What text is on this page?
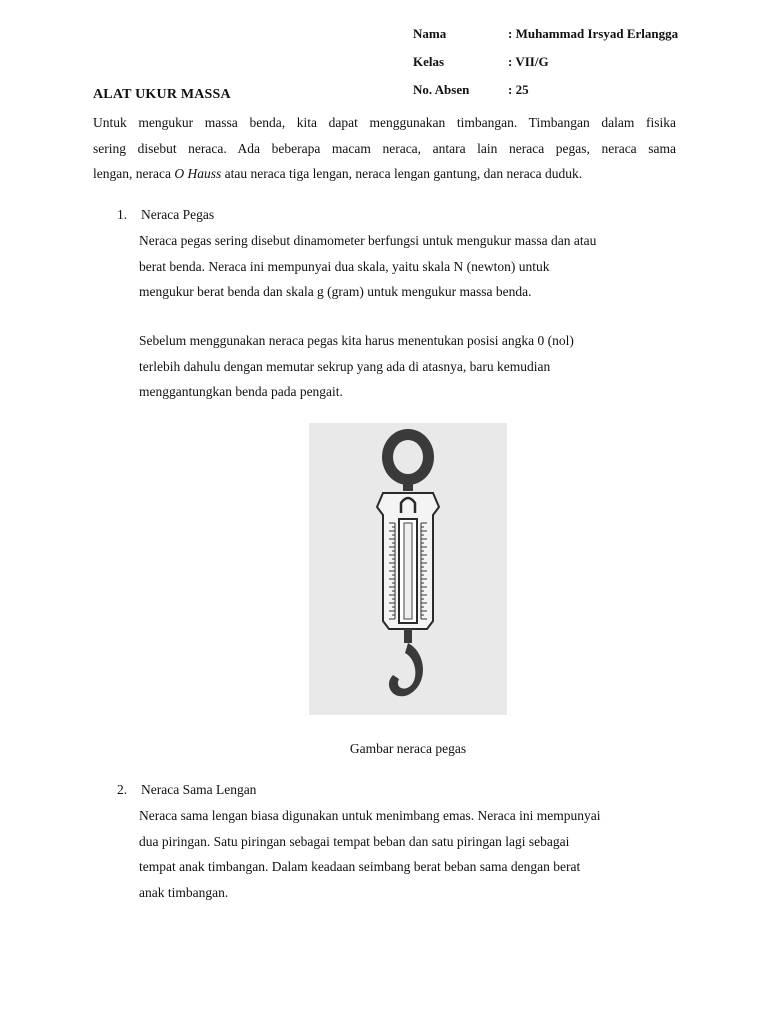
Nama	: Muhammad Irsyad Erlangga
Kelas	: VII/G
No. Absen	: 25
ALAT UKUR MASSA
Untuk mengukur massa benda, kita dapat menggunakan timbangan. Timbangan dalam fisika
sering disebut neraca. Ada beberapa macam neraca, antara lain neraca pegas, neraca sama
lengan, neraca O Hauss atau neraca tiga lengan, neraca lengan gantung, dan neraca duduk.
1. Neraca Pegas
Neraca pegas sering disebut dinamometer berfungsi untuk mengukur massa dan atau
berat benda. Neraca ini mempunyai dua skala, yaitu skala N (newton) untuk
mengukur berat benda dan skala g (gram) untuk mengukur massa benda.
Sebelum menggunakan neraca pegas kita harus menentukan posisi angka 0 (nol)
terlebih dahulu dengan memutar sekrup yang ada di atasnya, baru kemudian
menggantungkan benda pada pengait.
Gambar neraca pegas
2. Neraca Sama Lengan
Neraca sama lengan biasa digunakan untuk menimbang emas. Neraca ini mempunyai
dua piringan. Satu piringan sebagai tempat beban dan satu piringan lagi sebagai
tempat anak timbangan. Dalam keadaan seimbang berat beban sama dengan berat
anak timbangan.
